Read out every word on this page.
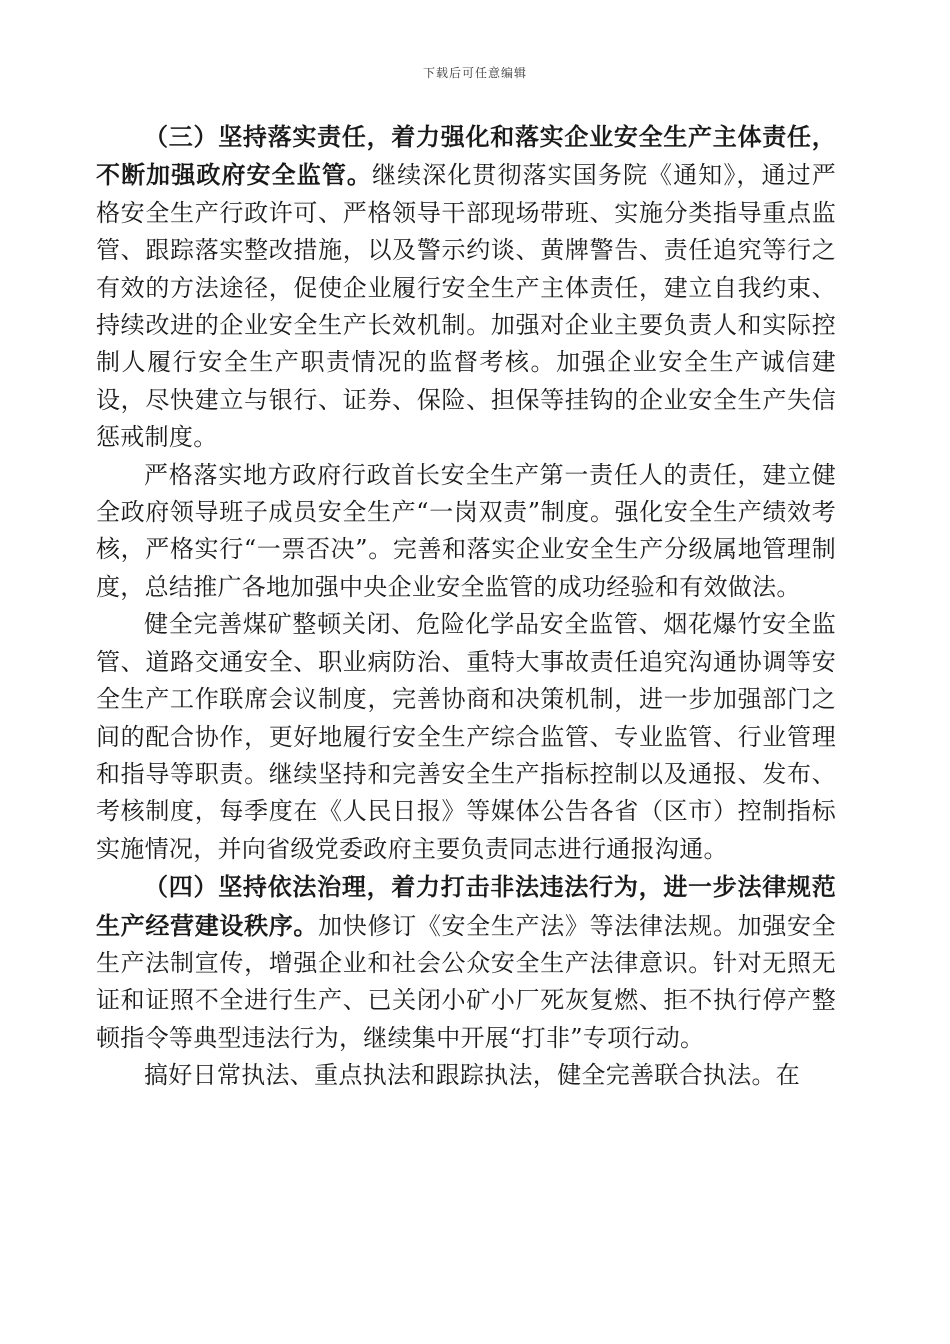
下载后可任意编辑

（三）坚持落实责任，着力强化和落实企业安全生产主体责任，不断加强政府安全监管。继续深化贯彻落实国务院《通知》，通过严格安全生产行政许可、严格领导干部现场带班、实施分类指导重点监管、跟踪落实整改措施，以及警示约谈、黄牌警告、责任追究等行之有效的方法途径，促使企业履行安全生产主体责任，建立自我约束、持续改进的企业安全生产长效机制。加强对企业主要负责人和实际控制人履行安全生产职责情况的监督考核。加强企业安全生产诚信建设，尽快建立与银行、证券、保险、担保等挂钩的企业安全生产失信惩戒制度。

严格落实地方政府行政首长安全生产第一责任人的责任，建立健全政府领导班子成员安全生产“一岗双责”制度。强化安全生产绩效考核，严格实行“一票否决”。完善和落实企业安全生产分级属地管理制度，总结推广各地加强中央企业安全监管的成功经验和有效做法。

健全完善煤矿整顿关闭、危险化学品安全监管、烟花爆竹安全监管、道路交通安全、职业病防治、重特大事故责任追究沟通协调等安全生产工作联席会议制度，完善协商和决策机制，进一步加强部门之间的配合协作，更好地履行安全生产综合监管、专业监管、行业管理和指导等职责。继续坚持和完善安全生产指标控制以及通报、发布、考核制度，每季度在《人民日报》等媒体公告各省（区市）控制指标实施情况，并向省级党委政府主要负责同志进行通报沟通。

（四）坚持依法治理，着力打击非法违法行为，进一步法律规范生产经营建设秩序。加快修订《安全生产法》等法律法规。加强安全生产法制宣传，增强企业和社会公众安全生产法律意识。针对无照无证和证照不全进行生产、已关闭小矿小厂死灰复燃、拒不执行停产整顿指令等典型违法行为，继续集中开展“打非”专项行动。

搞好日常执法、重点执法和跟踪执法，健全完善联合执法。在
